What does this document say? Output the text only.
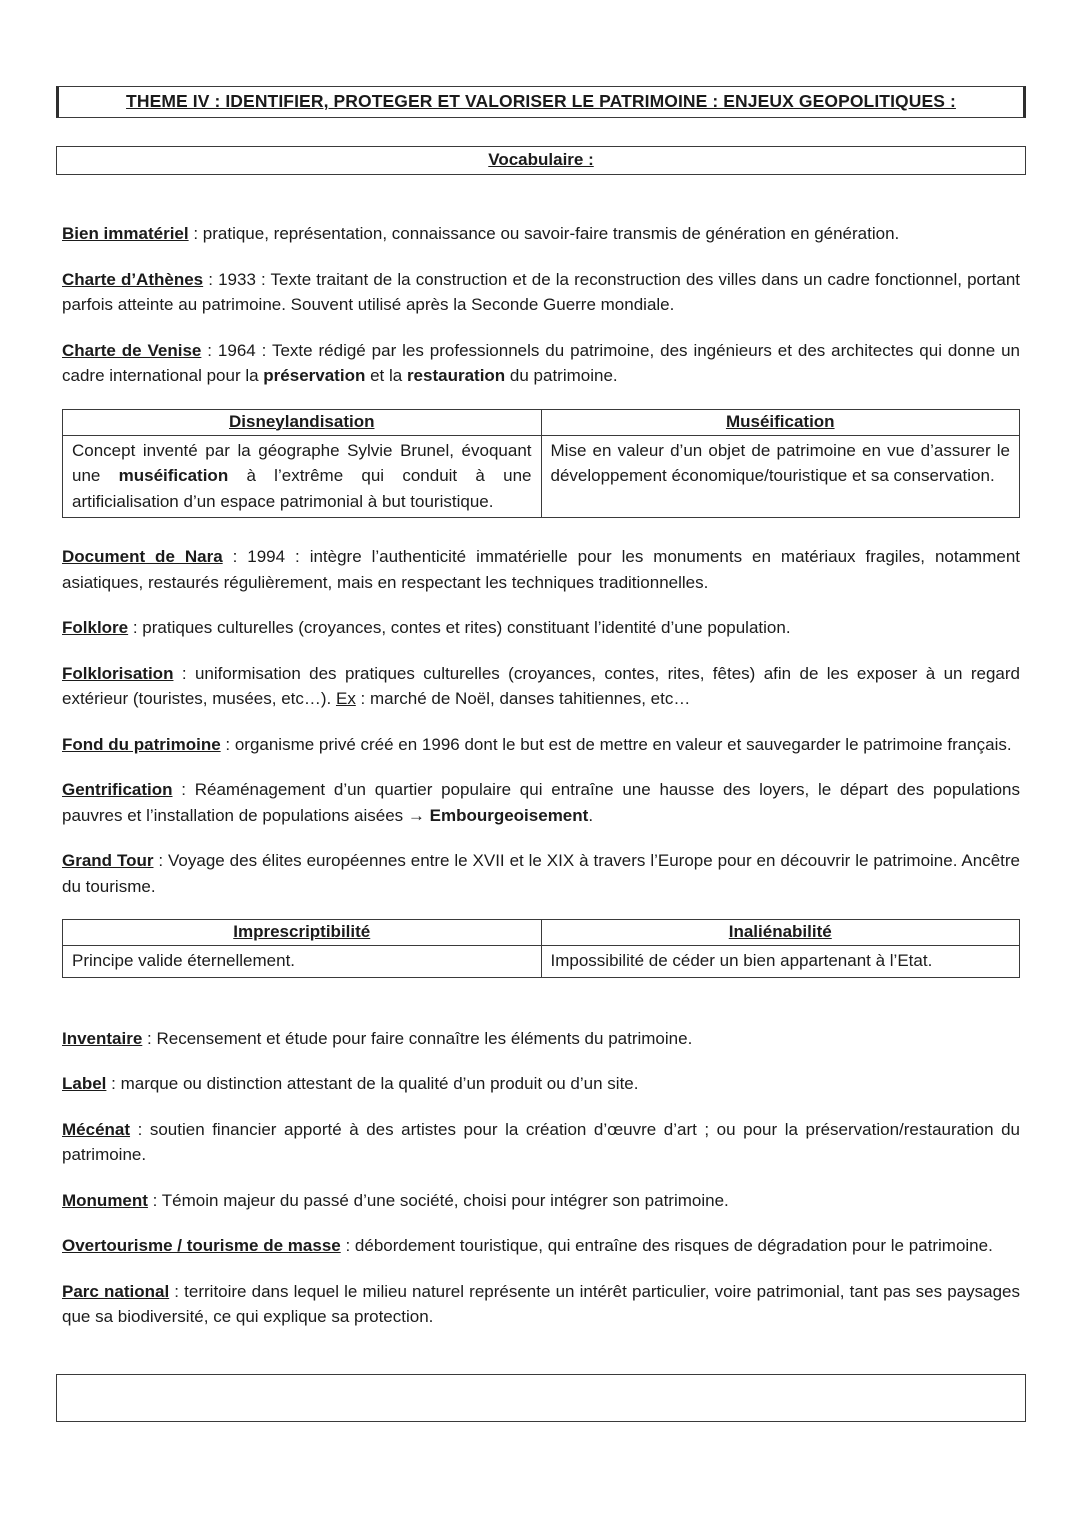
THEME IV : IDENTIFIER, PROTEGER ET VALORISER LE PATRIMOINE : ENJEUX GEOPOLITIQUES :
Vocabulaire :

Bien immatériel : pratique, représentation, connaissance ou savoir-faire transmis de génération en génération.

Charte d’Athènes : 1933 : Texte traitant de la construction et de la reconstruction des villes dans un cadre fonctionnel, portant parfois atteinte au patrimoine. Souvent utilisé après la Seconde Guerre mondiale.

Charte de Venise : 1964 : Texte rédigé par les professionnels du patrimoine, des ingénieurs et des architectes qui donne un cadre international pour la préservation et la restauration du patrimoine.

Disneylandisation	Muséification
Concept inventé par la géographe Sylvie Brunel, évoquant une muséification à l’extrême qui conduit à une artificialisation d’un espace patrimonial à but touristique.	Mise en valeur d’un objet de patrimoine en vue d’assurer le développement économique/touristique et sa conservation.

Document de Nara : 1994 : intègre l’authenticité immatérielle pour les monuments en matériaux fragiles, notamment asiatiques, restaurés régulièrement, mais en respectant les techniques traditionnelles.

Folklore : pratiques culturelles (croyances, contes et rites) constituant l’identité d’une population.

Folklorisation : uniformisation des pratiques culturelles (croyances, contes, rites, fêtes) afin de les exposer à un regard extérieur (touristes, musées, etc…). Ex : marché de Noël, danses tahitiennes, etc…

Fond du patrimoine : organisme privé créé en 1996 dont le but est de mettre en valeur et sauvegarder le patrimoine français.

Gentrification : Réaménagement d’un quartier populaire qui entraîne une hausse des loyers, le départ des populations pauvres et l’installation de populations aisées → Embourgeoisement.

Grand Tour : Voyage des élites européennes entre le XVII et le XIX à travers l’Europe pour en découvrir le patrimoine. Ancêtre du tourisme.

Imprescriptibilité	Inaliénabilité
Principe valide éternellement.	Impossibilité de céder un bien appartenant à l’Etat.

Inventaire : Recensement et étude pour faire connaître les éléments du patrimoine.

Label : marque ou distinction attestant de la qualité d’un produit ou d’un site.

Mécénat : soutien financier apporté à des artistes pour la création d’œuvre d’art ; ou pour la préservation/restauration du patrimoine.

Monument : Témoin majeur du passé d’une société, choisi pour intégrer son patrimoine.

Overtourisme / tourisme de masse : débordement touristique, qui entraîne des risques de dégradation pour le patrimoine.

Parc national : territoire dans lequel le milieu naturel représente un intérêt particulier, voire patrimonial, tant pas ses paysages que sa biodiversité, ce qui explique sa protection.
